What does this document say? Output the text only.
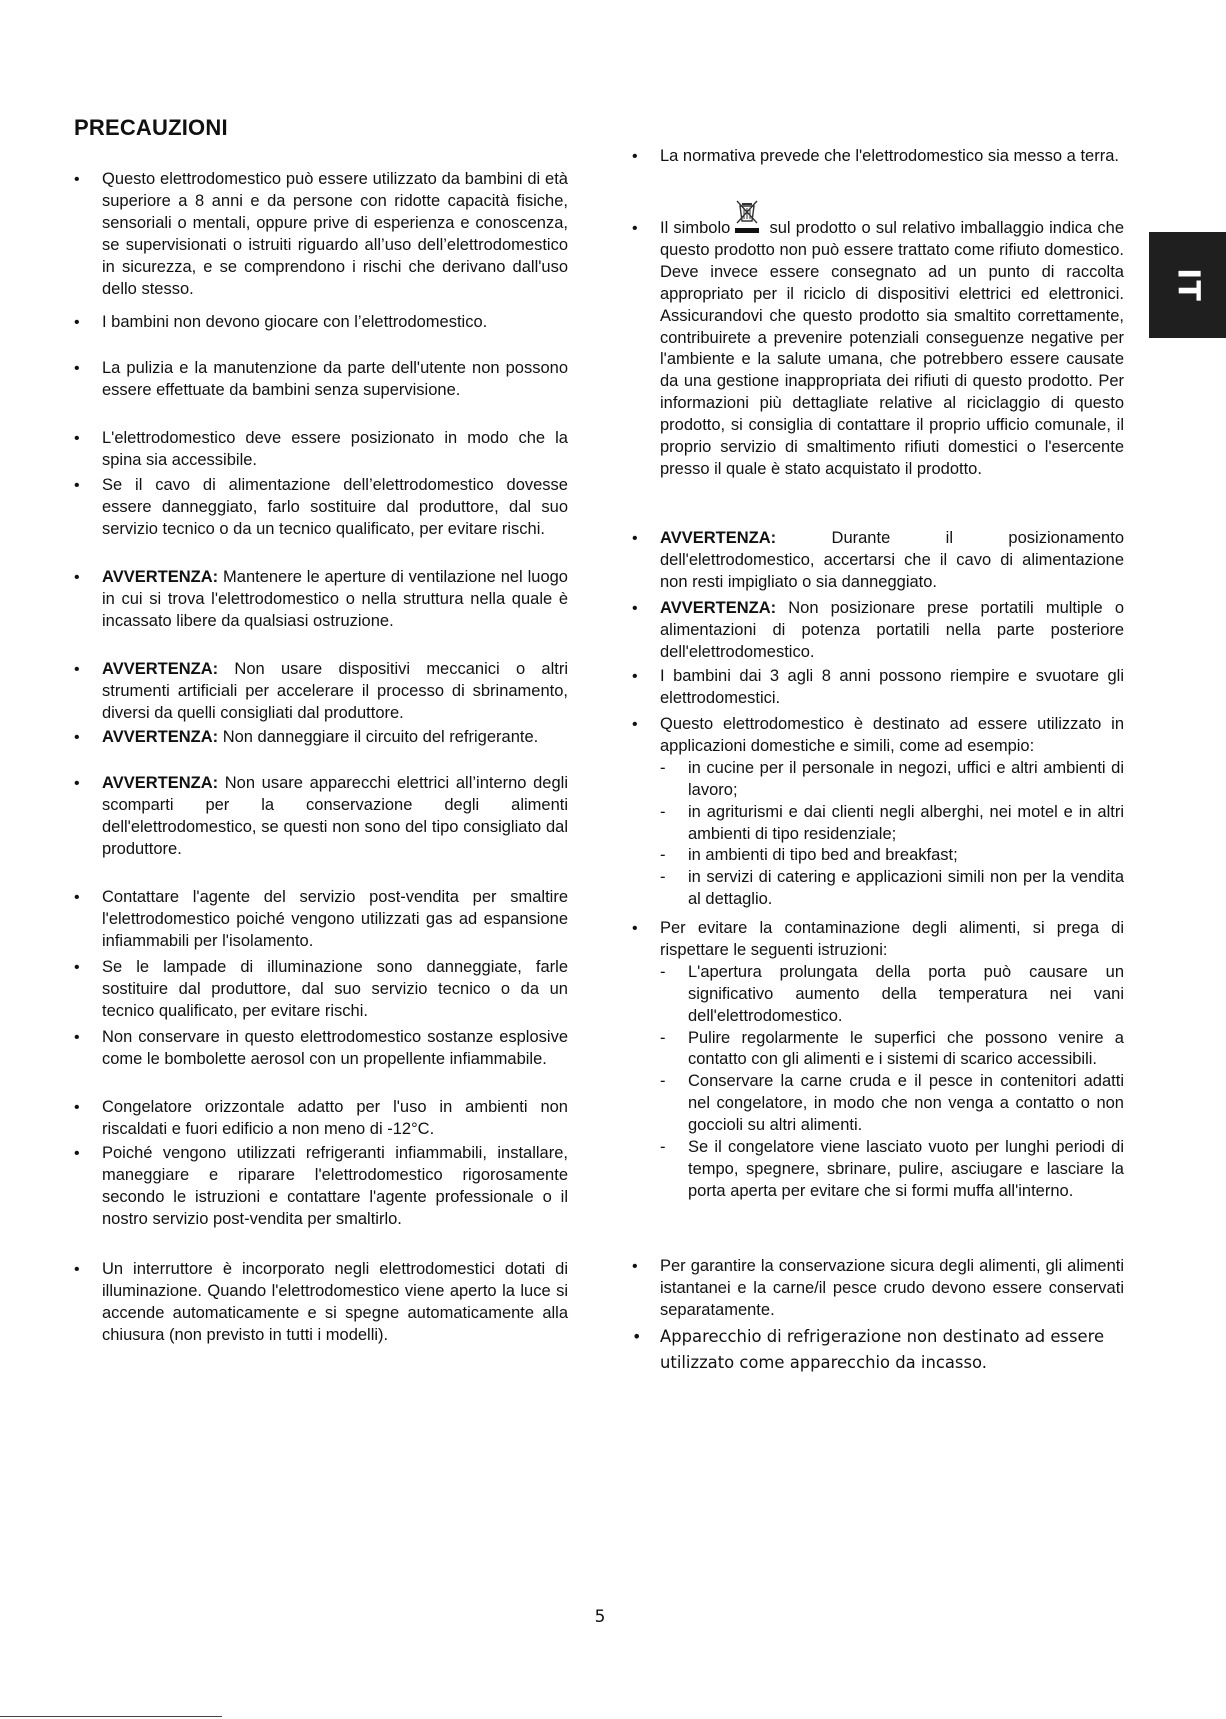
PRECAUZIONI
IT
•	Questo elettrodomestico può essere utilizzato da bambini di età superiore a 8 anni e da persone con ridotte capacità fisiche, sensoriali o mentali, oppure prive di esperienza e conoscenza, se supervisionati o istruiti riguardo all’uso dell’elettrodomestico in sicurezza, e se comprendono i rischi che derivano dall'uso dello stesso.
•	I bambini non devono giocare con l’elettrodomestico.
•	La pulizia e la manutenzione da parte dell'utente non possono essere effettuate da bambini senza supervisione.
•	L'elettrodomestico deve essere posizionato in modo che la spina sia accessibile.
•	Se il cavo di alimentazione dell’elettrodomestico dovesse essere danneggiato, farlo sostituire dal produttore, dal suo servizio tecnico o da un tecnico qualificato, per evitare rischi.
•	AVVERTENZA: Mantenere le aperture di ventilazione nel luogo in cui si trova l'elettrodomestico o nella struttura nella quale è incassato libere da qualsiasi ostruzione.
•	AVVERTENZA: Non usare dispositivi meccanici o altri strumenti artificiali per accelerare il processo di sbrinamento, diversi da quelli consigliati dal produttore.
•	AVVERTENZA: Non danneggiare il circuito del refrigerante.
•	AVVERTENZA: Non usare apparecchi elettrici all’interno degli scomparti per la conservazione degli alimenti dell'elettrodomestico, se questi non sono del tipo consigliato dal produttore.
•	Contattare l'agente del servizio post-vendita per smaltire l'elettrodomestico poiché vengono utilizzati gas ad espansione infiammabili per l'isolamento.
•	Se le lampade di illuminazione sono danneggiate, farle sostituire dal produttore, dal suo servizio tecnico o da un tecnico qualificato, per evitare rischi.
•	Non conservare in questo elettrodomestico sostanze esplosive come le bombolette aerosol con un propellente infiammabile.
•	Congelatore orizzontale adatto per l'uso in ambienti non riscaldati e fuori edificio a non meno di -12°C.
•	Poiché vengono utilizzati refrigeranti infiammabili, installare, maneggiare e riparare l'elettrodomestico rigorosamente secondo le istruzioni e contattare l'agente professionale o il nostro servizio post-vendita per smaltirlo.
•	Un interruttore è incorporato negli elettrodomestici dotati di illuminazione. Quando l'elettrodomestico viene aperto la luce si accende automaticamente e si spegne automaticamente alla chiusura (non previsto in tutti i modelli).
•	La normativa prevede che l'elettrodomestico sia messo a terra.
•	Il simbolo
sul prodotto o sul relativo imballaggio indica che questo prodotto non può essere trattato come rifiuto domestico. Deve invece essere consegnato ad un punto di raccolta appropriato per il riciclo di dispositivi elettrici ed elettronici. Assicurandovi che questo prodotto sia smaltito correttamente, contribuirete a prevenire potenziali conseguenze negative per l'ambiente e la salute umana, che potrebbero essere causate da una gestione inappropriata dei rifiuti di questo prodotto. Per informazioni più dettagliate relative al riciclaggio di questo prodotto, si consiglia di contattare il proprio ufficio comunale, il proprio servizio di smaltimento rifiuti domestici o l'esercente presso il quale è stato acquistato il prodotto.
•	AVVERTENZA: Durante il posizionamento dell'elettrodomestico, accertarsi che il cavo di alimentazione non resti impigliato o sia danneggiato.
•	AVVERTENZA: Non posizionare prese portatili multiple o alimentazioni di potenza portatili nella parte posteriore dell'elettrodomestico.
•	I bambini dai 3 agli 8 anni possono riempire e svuotare gli elettrodomestici.
•	Questo elettrodomestico è destinato ad essere utilizzato in applicazioni domestiche e simili, come ad esempio:
- in cucine per il personale in negozi, uffici e altri ambienti di lavoro;
- in agriturismi e dai clienti negli alberghi, nei motel e in altri ambienti di tipo residenziale;
- in ambienti di tipo bed and breakfast;
- in servizi di catering e applicazioni simili non per la vendita al dettaglio.
•	Per evitare la contaminazione degli alimenti, si prega di rispettare le seguenti istruzioni:
- L'apertura prolungata della porta può causare un significativo aumento della temperatura nei vani dell'elettrodomestico.
- Pulire regolarmente le superfici che possono venire a contatto con gli alimenti e i sistemi di scarico accessibili.
- Conservare la carne cruda e il pesce in contenitori adatti nel congelatore, in modo che non venga a contatto o non goccioli su altri alimenti.
- Se il congelatore viene lasciato vuoto per lunghi periodi di tempo, spegnere, sbrinare, pulire, asciugare e lasciare la porta aperta per evitare che si formi muffa all'interno.
•	Per garantire la conservazione sicura degli alimenti, gli alimenti istantanei e la carne/il pesce crudo devono essere conservati separatamente.
•	Apparecchio di refrigerazione non destinato ad essere utilizzato come apparecchio da incasso.
5
